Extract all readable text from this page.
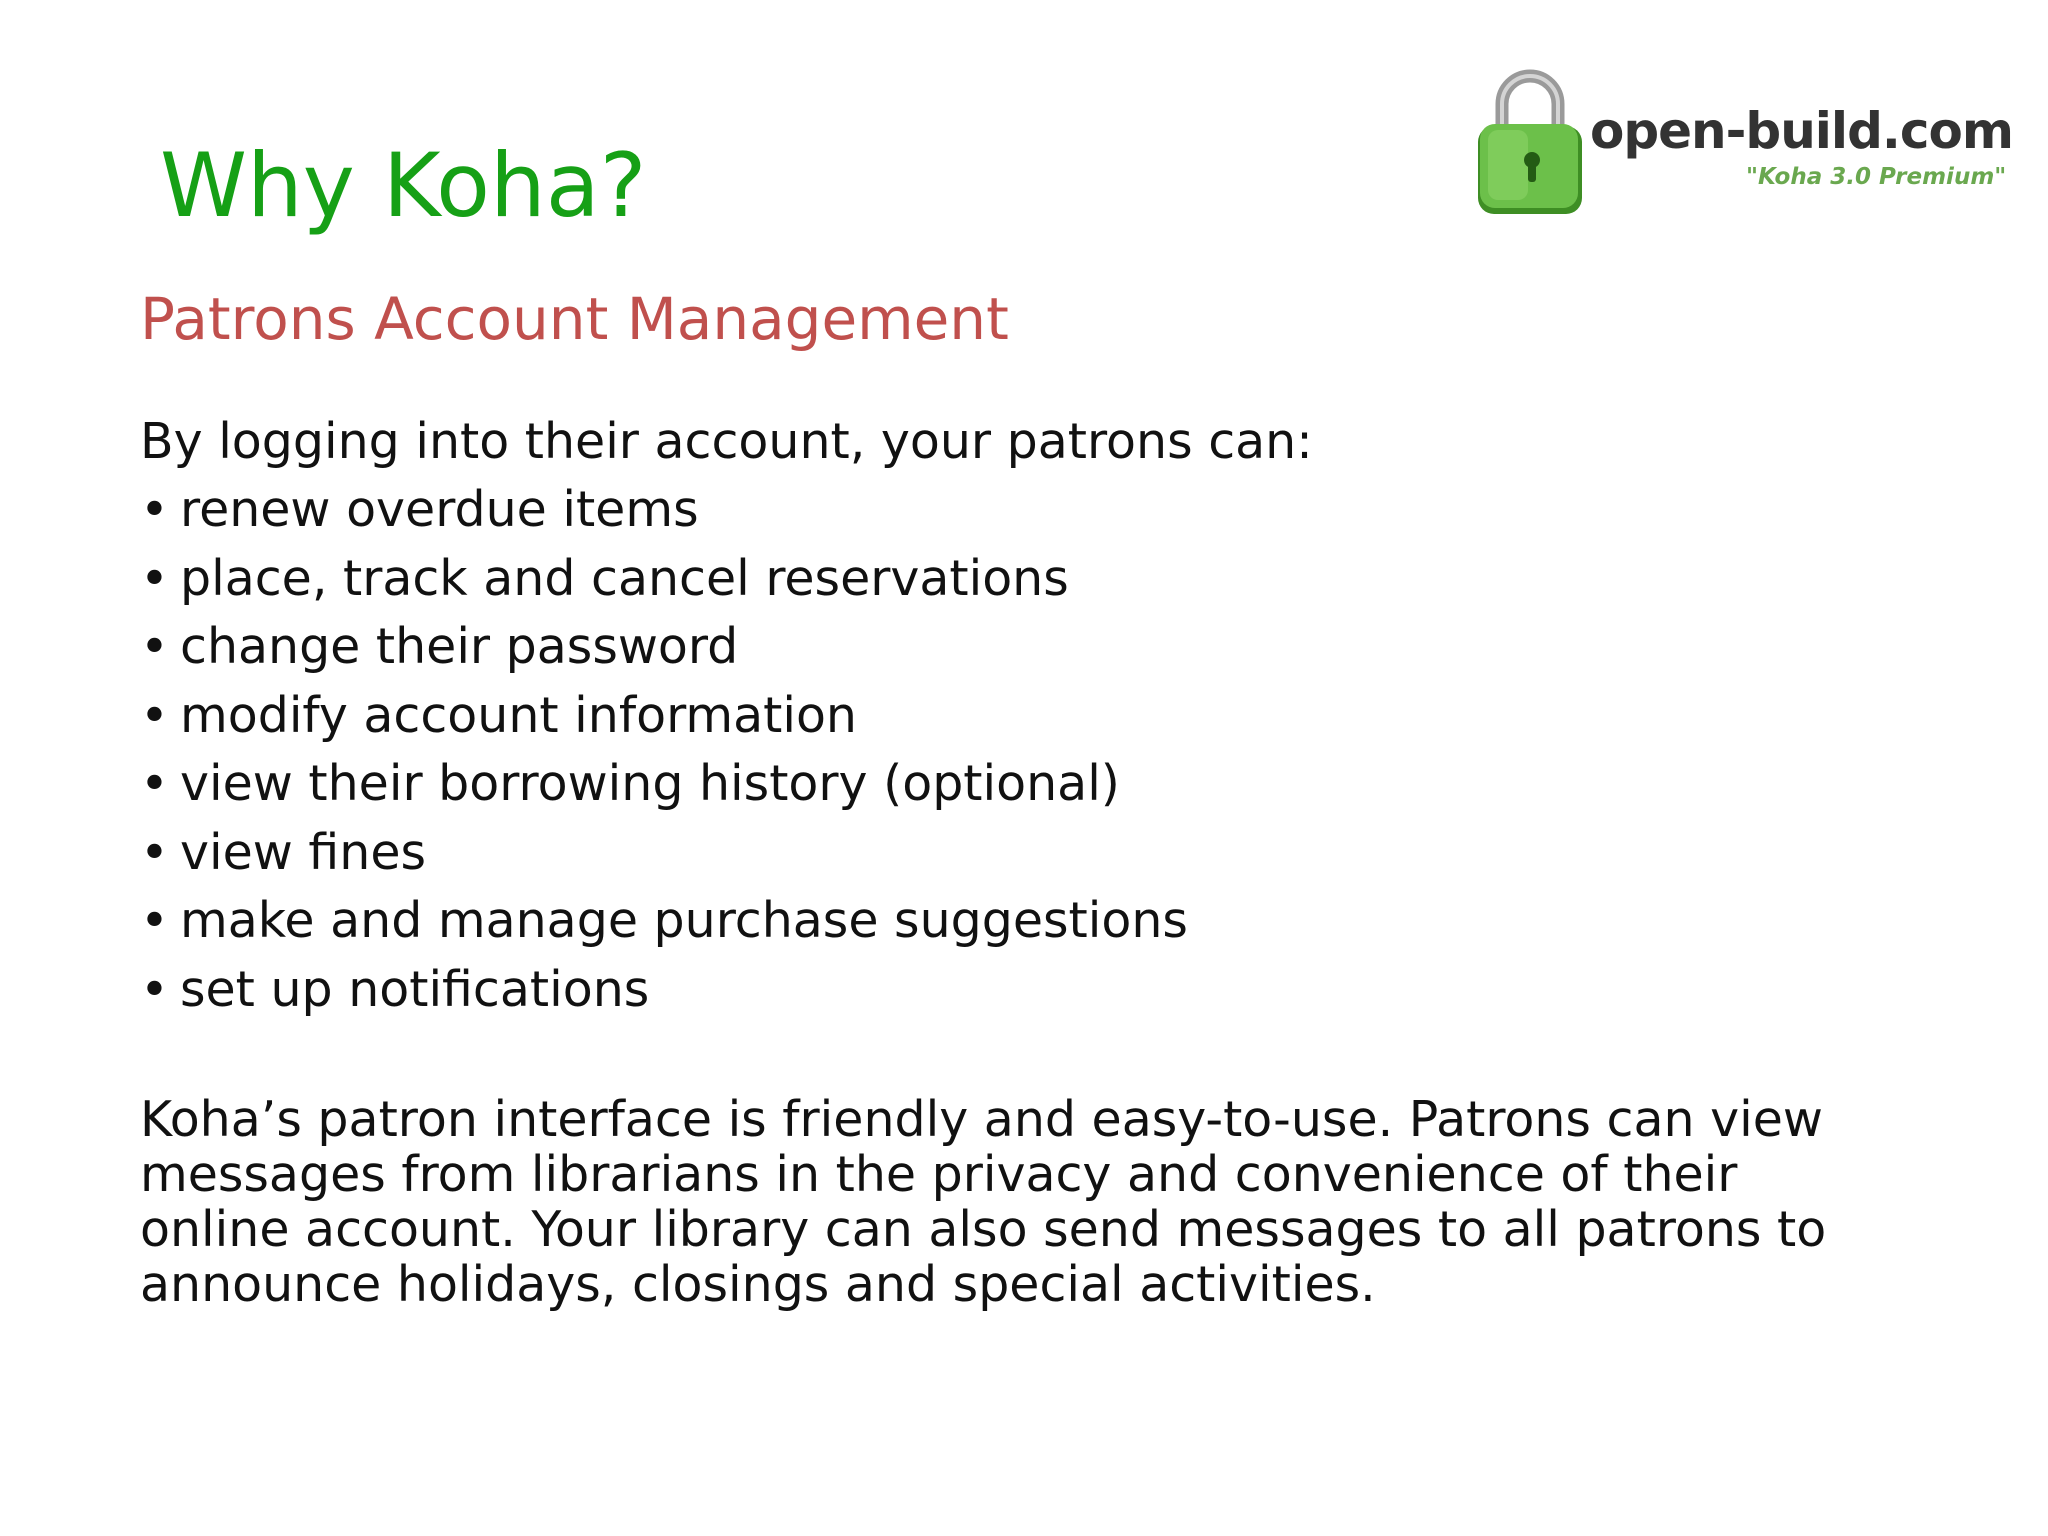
Why Koha?
open-build.com
"Koha 3.0 Premium"
Patrons Account Management
By logging into their account, your patrons can:
• renew overdue items
• place, track and cancel reservations
• change their password
• modify account information
• view their borrowing history (optional)
• view fines
• make and manage purchase suggestions
• set up notifications

Koha’s patron interface is friendly and easy-to-use. Patrons can view messages from librarians in the privacy and convenience of their online account. Your library can also send messages to all patrons to announce holidays, closings and special activities.
